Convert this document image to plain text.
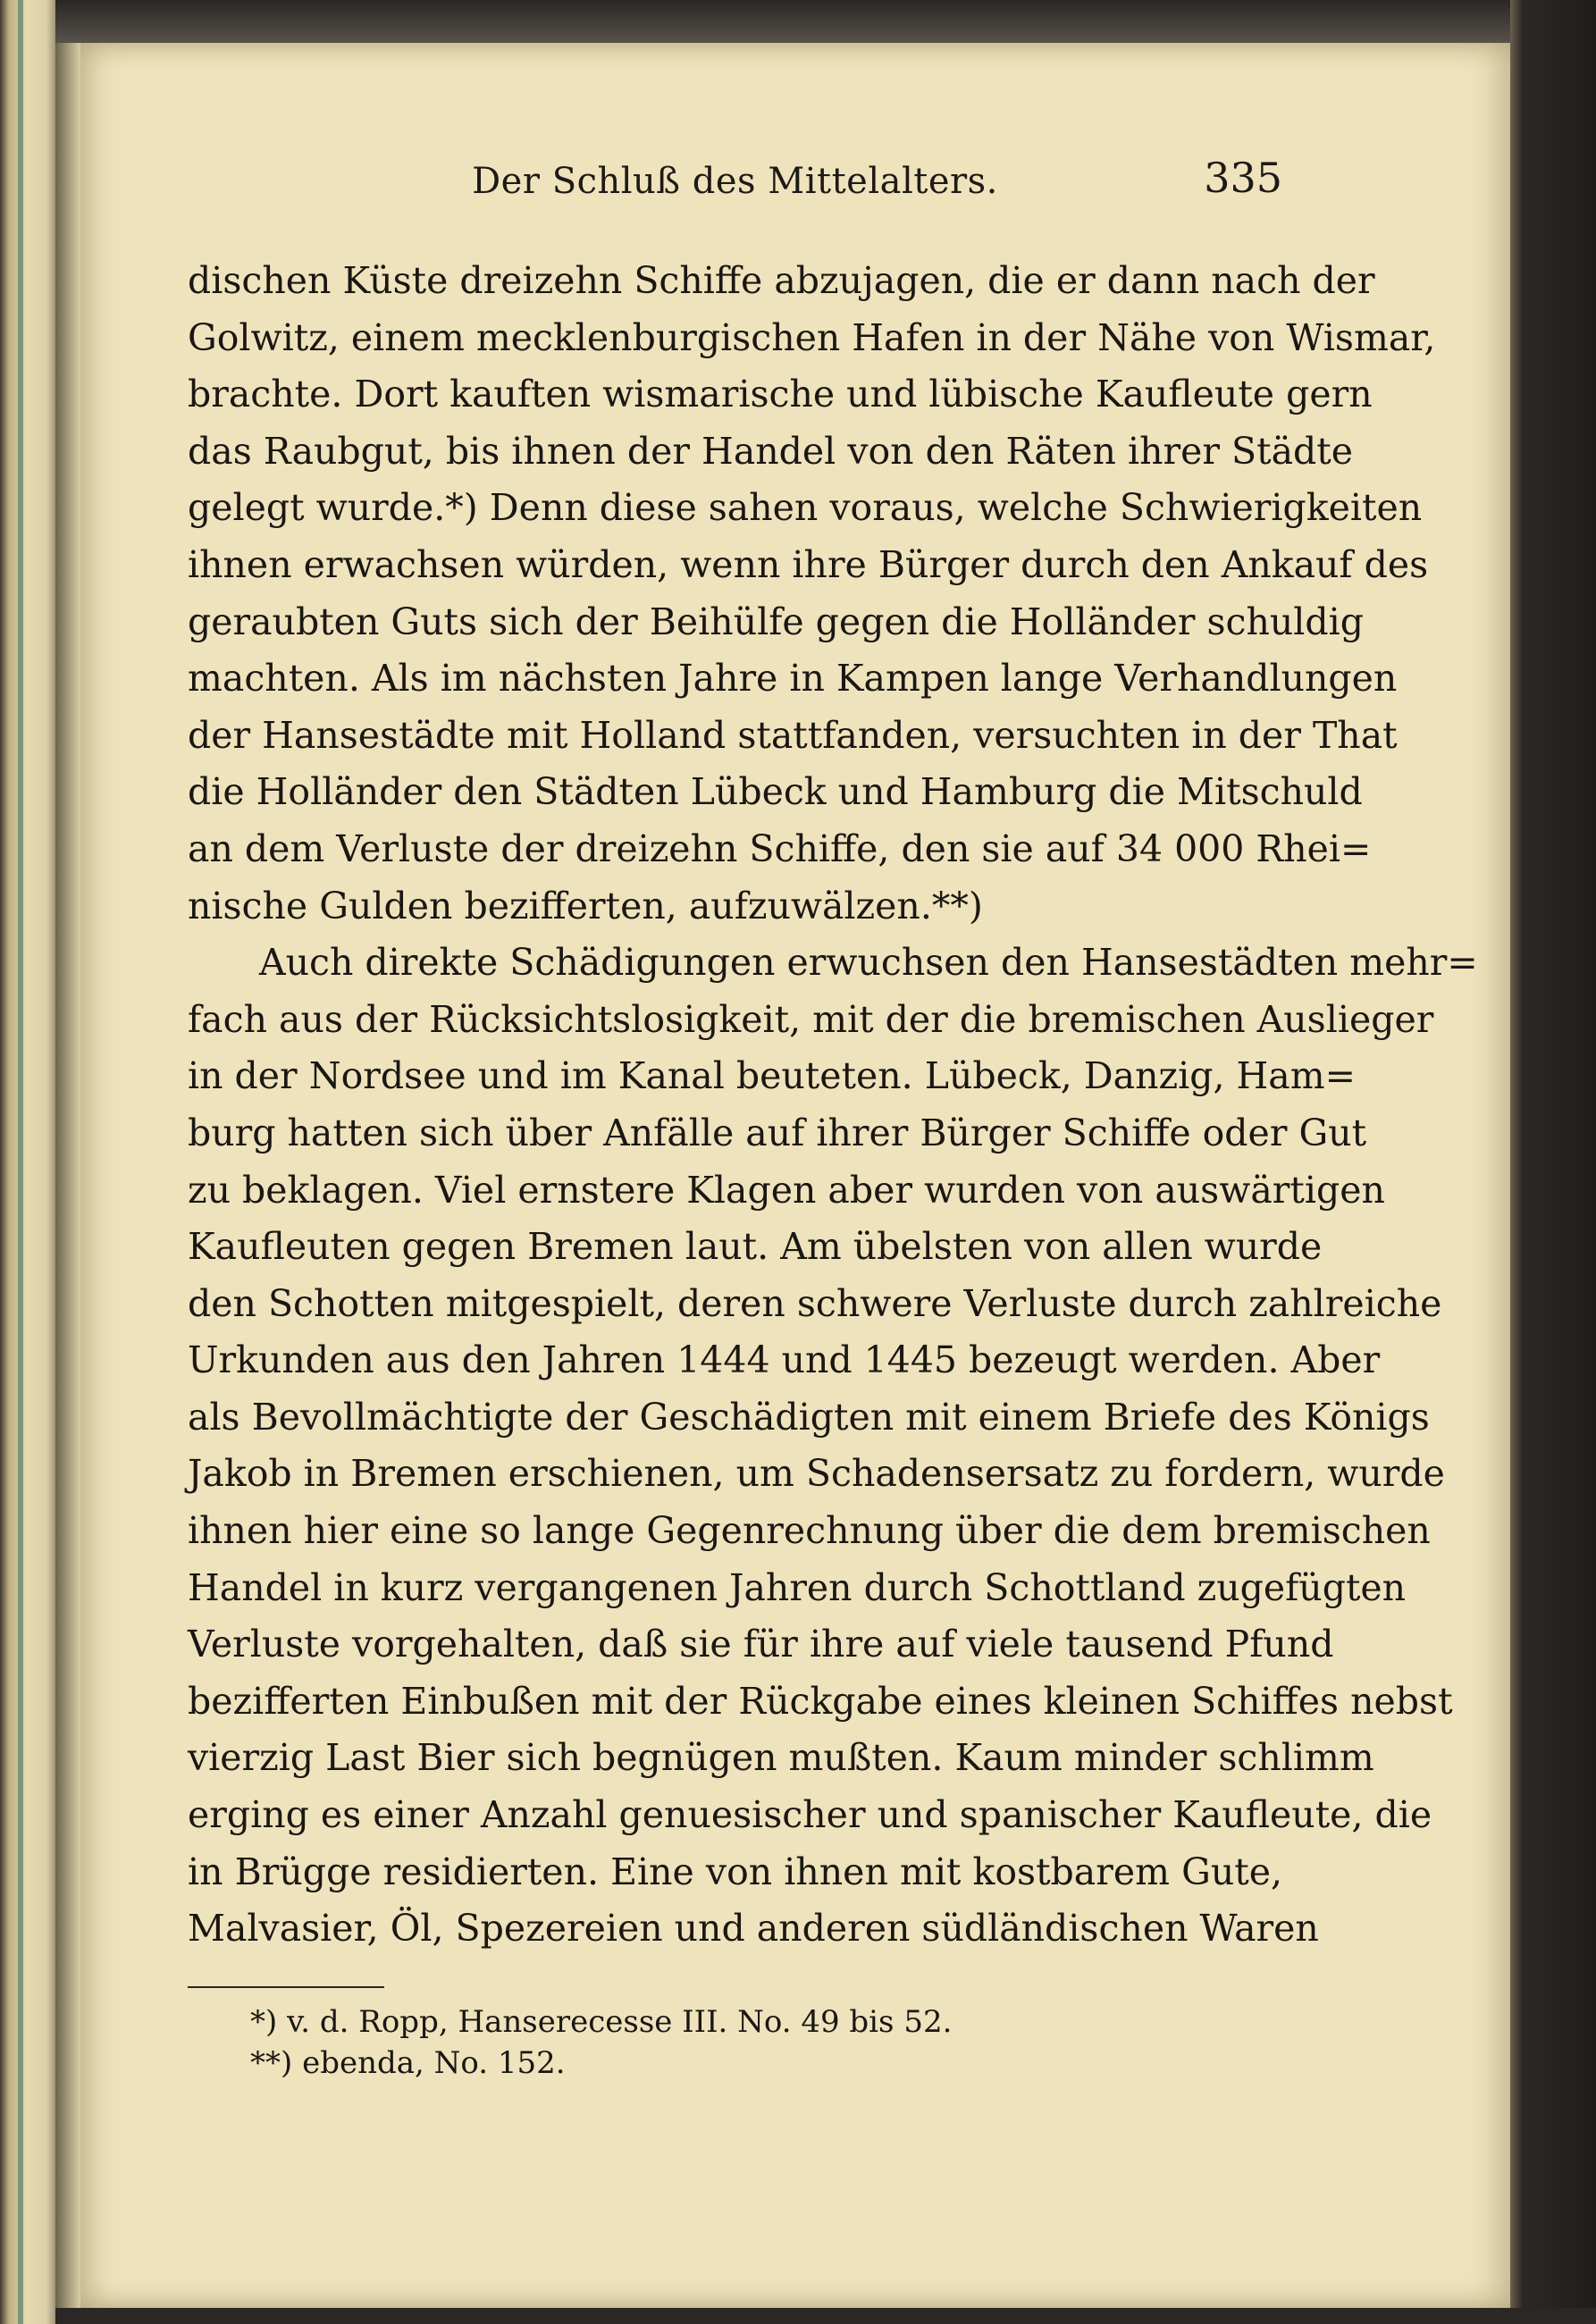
Der Schluß des Mittelalters.	335
dischen Küste dreizehn Schiffe abzujagen, die er dann nach der
Golwitz, einem mecklenburgischen Hafen in der Nähe von Wismar,
brachte. Dort kauften wismarische und lübische Kaufleute gern
das Raubgut, bis ihnen der Handel von den Räten ihrer Städte
gelegt wurde.*) Denn diese sahen voraus, welche Schwierigkeiten
ihnen erwachsen würden, wenn ihre Bürger durch den Ankauf des
geraubten Guts sich der Beihülfe gegen die Holländer schuldig
machten. Als im nächsten Jahre in Kampen lange Verhandlungen
der Hansestädte mit Holland stattfanden, versuchten in der That
die Holländer den Städten Lübeck und Hamburg die Mitschuld
an dem Verluste der dreizehn Schiffe, den sie auf 34 000 Rhei=
nische Gulden bezifferten, aufzuwälzen.**)
Auch direkte Schädigungen erwuchsen den Hansestädten mehr=
fach aus der Rücksichtslosigkeit, mit der die bremischen Auslieger
in der Nordsee und im Kanal beuteten. Lübeck, Danzig, Ham=
burg hatten sich über Anfälle auf ihrer Bürger Schiffe oder Gut
zu beklagen. Viel ernstere Klagen aber wurden von auswärtigen
Kaufleuten gegen Bremen laut. Am übelsten von allen wurde
den Schotten mitgespielt, deren schwere Verluste durch zahlreiche
Urkunden aus den Jahren 1444 und 1445 bezeugt werden. Aber
als Bevollmächtigte der Geschädigten mit einem Briefe des Königs
Jakob in Bremen erschienen, um Schadensersatz zu fordern, wurde
ihnen hier eine so lange Gegenrechnung über die dem bremischen
Handel in kurz vergangenen Jahren durch Schottland zugefügten
Verluste vorgehalten, daß sie für ihre auf viele tausend Pfund
bezifferten Einbußen mit der Rückgabe eines kleinen Schiffes nebst
vierzig Last Bier sich begnügen mußten. Kaum minder schlimm
erging es einer Anzahl genuesischer und spanischer Kaufleute, die
in Brügge residierten. Eine von ihnen mit kostbarem Gute,
Malvasier, Öl, Spezereien und anderen südländischen Waren
*) v. d. Ropp, Hanserecesse III. No. 49 bis 52.
**) ebenda, No. 152.
